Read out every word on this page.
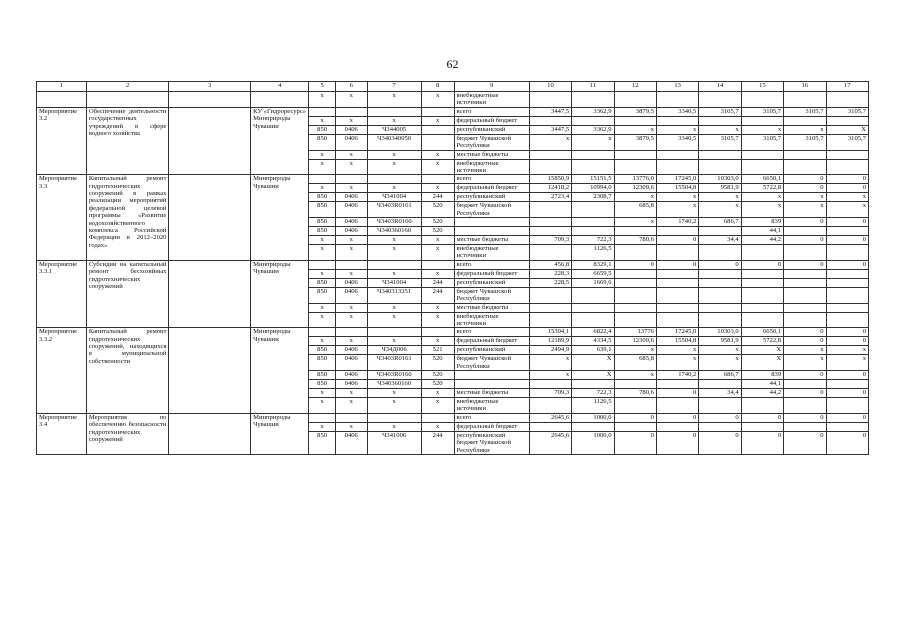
62
1	2	3	4	5	6	7	8	9	10	11	12	13	14	15	16	17
				х	х	х	х	внебюджетные источники								
Мероприятие 3.2	Обеспечение деятельности государственных учреждений в сфере водного хозяйства		КУ «Гидроресурс» Минприроды Чувашии					всего	3447,5	3362,9	3879,5	3340,5	3105,7	3105,7	3105,7	3105,7
				х	х	х	х	федеральный бюджет								
				850	0406	Ч344005		республиканский	3447,5	3362,9	х	х	х	х	х	Х
				850	0406	Ч340340050		бюджет Чувашской Республики	х	х	3879,5	3340,5	3105,7	3105,7	3105,7	3105,7
				х	х	х	х	местные бюджеты								
				х	х	х	х	внебюджетные источники								
Мероприятие 3.3	Капитальный ремонт гидротехнических сооружений в рамках реализации мероприятий федеральной целевой программы «Развитие водохозяйственного комплекса Российской Федерации в 2012–2020 годах»		Минприроды Чувашии					всего	15850,9	15151,5	13776,0	17245,0	10303,0	6650,1	0	0
				х	х	х	х	федеральный бюджет	12418,2	10994,0	12309,6	15504,8	9581,9	5722,8	0	0
				850	0406	Ч341004	244	республиканский	2723,4	2308,7	х	х	х	х	х	х
				850	0406	Ч3403R0161	520	бюджет Чувашской Республики			685,8	х	х	х	х	х
				850	0406	Ч3403R0160	520				х	1740,2	686,7	839	0	0
				850	0406	Ч340360160	520							44,1		
				х	х	х	х	местные бюджеты	709,3	722,3	780,6	0	34,4	44,2	0	0
				х	х	х	х	внебюджетные источники		1126,5						
Мероприятие 3.3.1	Субсидии на капитальный ремонт бесхозяйных гидротехнических сооружений		Минприроды Чувашии					всего	456,8	8329,1	0	0	0	0	0	0
				х	х	х	х	федеральный бюджет	228,3	6659,5						
				850	0406	Ч341004	244	республиканский	228,5	1669,6						
				850	0406	Ч340313351	244	бюджет Чувашской Республики								
				х	х	х	х	местные бюджеты								
				х	х	х	х	внебюджетные источники								
Мероприятие 3.3.2	Капитальный ремонт гидротехнических сооружений, находящихся в муниципальной собственности		Минприроды Чувашии					всего	15394,1	6822,4	13776	17245,0	10303,0	6650,1	0	0
				х	х	х	х	федеральный бюджет	12189,9	4334,5	12309,6	15504,8	9581,9	5722,8	0	0
				850	0406	Ч34Д006	521	республиканский	2494,9	639,1	х	х	х	Х	х	х
				850	0406	Ч3403R0161	520	бюджет Чувашской Республики	х	Х	685,8	х	х	Х	х	х
				850	0406	Ч3403R0160	520		х	Х	х	1740,2	686,7	839	0	0
				850	0406	Ч340360160	520							44,1		
				х	х	х	х	местные бюджеты	709,3	722,3	780,6	0	34,4	44,2	0	0
				х	х	х	х	внебюджетные источники		1126,5						
Мероприятие 3.4	Мероприятия по обеспечению безопасности гидротехнических сооружений		Минприроды Чувашии					всего	2645,6	1000,0	0	0	0	0	0	0
				х	х	х	х	федеральный бюджет								
				850	0406	Ч341006	244	республиканский бюджет Чувашской Республики	2645,6	1000,0	0	0	0	0	0	0
